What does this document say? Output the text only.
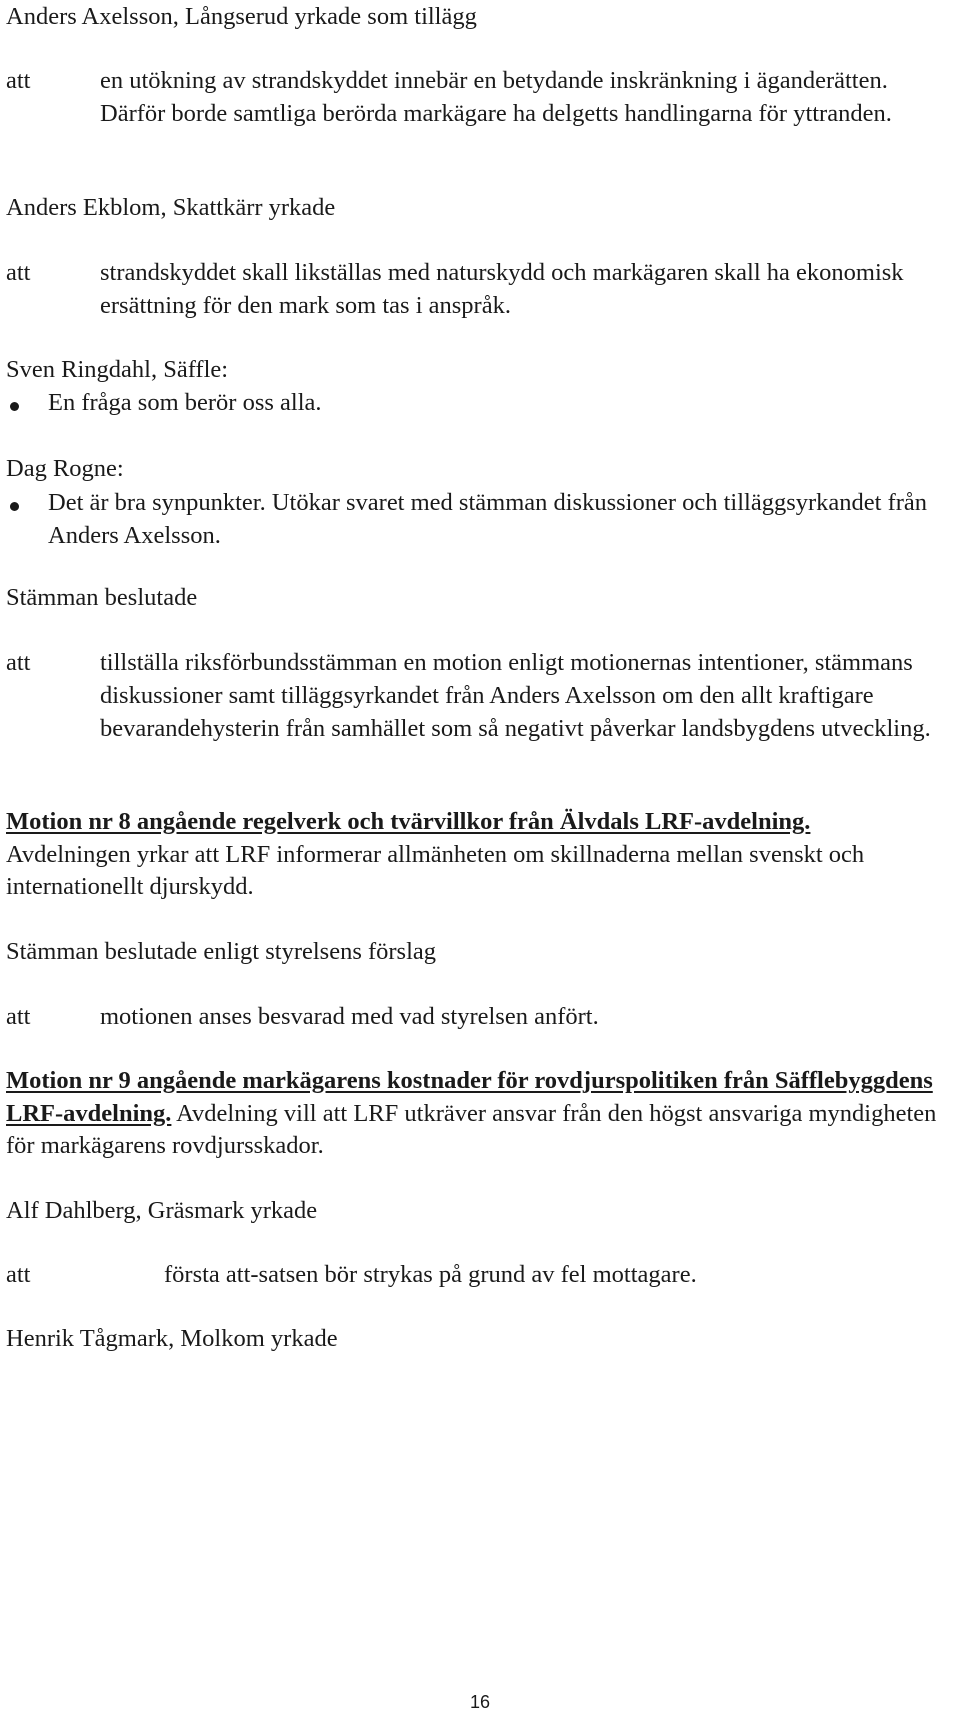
Anders Axelsson, Långserud yrkade som tillägg
att	en utökning av strandskyddet innebär en betydande inskränkning i äganderätten. Därför borde samtliga berörda markägare ha delgetts handlingarna för yttranden.
Anders Ekblom, Skattkärr yrkade
att	strandskyddet skall likställas med naturskydd och markägaren skall ha ekonomisk ersättning för den mark som tas i anspråk.
Sven Ringdahl, Säffle:
En fråga som berör oss alla.
Dag Rogne:
Det är bra synpunkter. Utökar svaret med stämman diskussioner och tilläggsyrkandet från Anders Axelsson.
Stämman beslutade
att	tillställa riksförbundsstämman en motion enligt motionernas intentioner, stämmans diskussioner samt tilläggsyrkandet från Anders Axelsson om den allt kraftigare bevarandehysterin från samhället som så negativt påverkar landsbygdens utveckling.
Motion nr 8 angående regelverk och tvärvillkor från Älvdals LRF-avdelning. Avdelningen yrkar att LRF informerar allmänheten om skillnaderna mellan svenskt och internationellt djurskydd.
Stämman beslutade enligt styrelsens förslag
att	motionen anses besvarad med vad styrelsen anfört.
Motion nr 9 angående markägarens kostnader för rovdjurspolitiken från Säfflebyggdens LRF-avdelning. Avdelning vill att LRF utkräver ansvar från den högst ansvariga myndigheten för markägarens rovdjursskador.
Alf Dahlberg, Gräsmark yrkade
att	första att-satsen bör strykas på grund av fel mottagare.
Henrik Tågmark, Molkom yrkade
16
